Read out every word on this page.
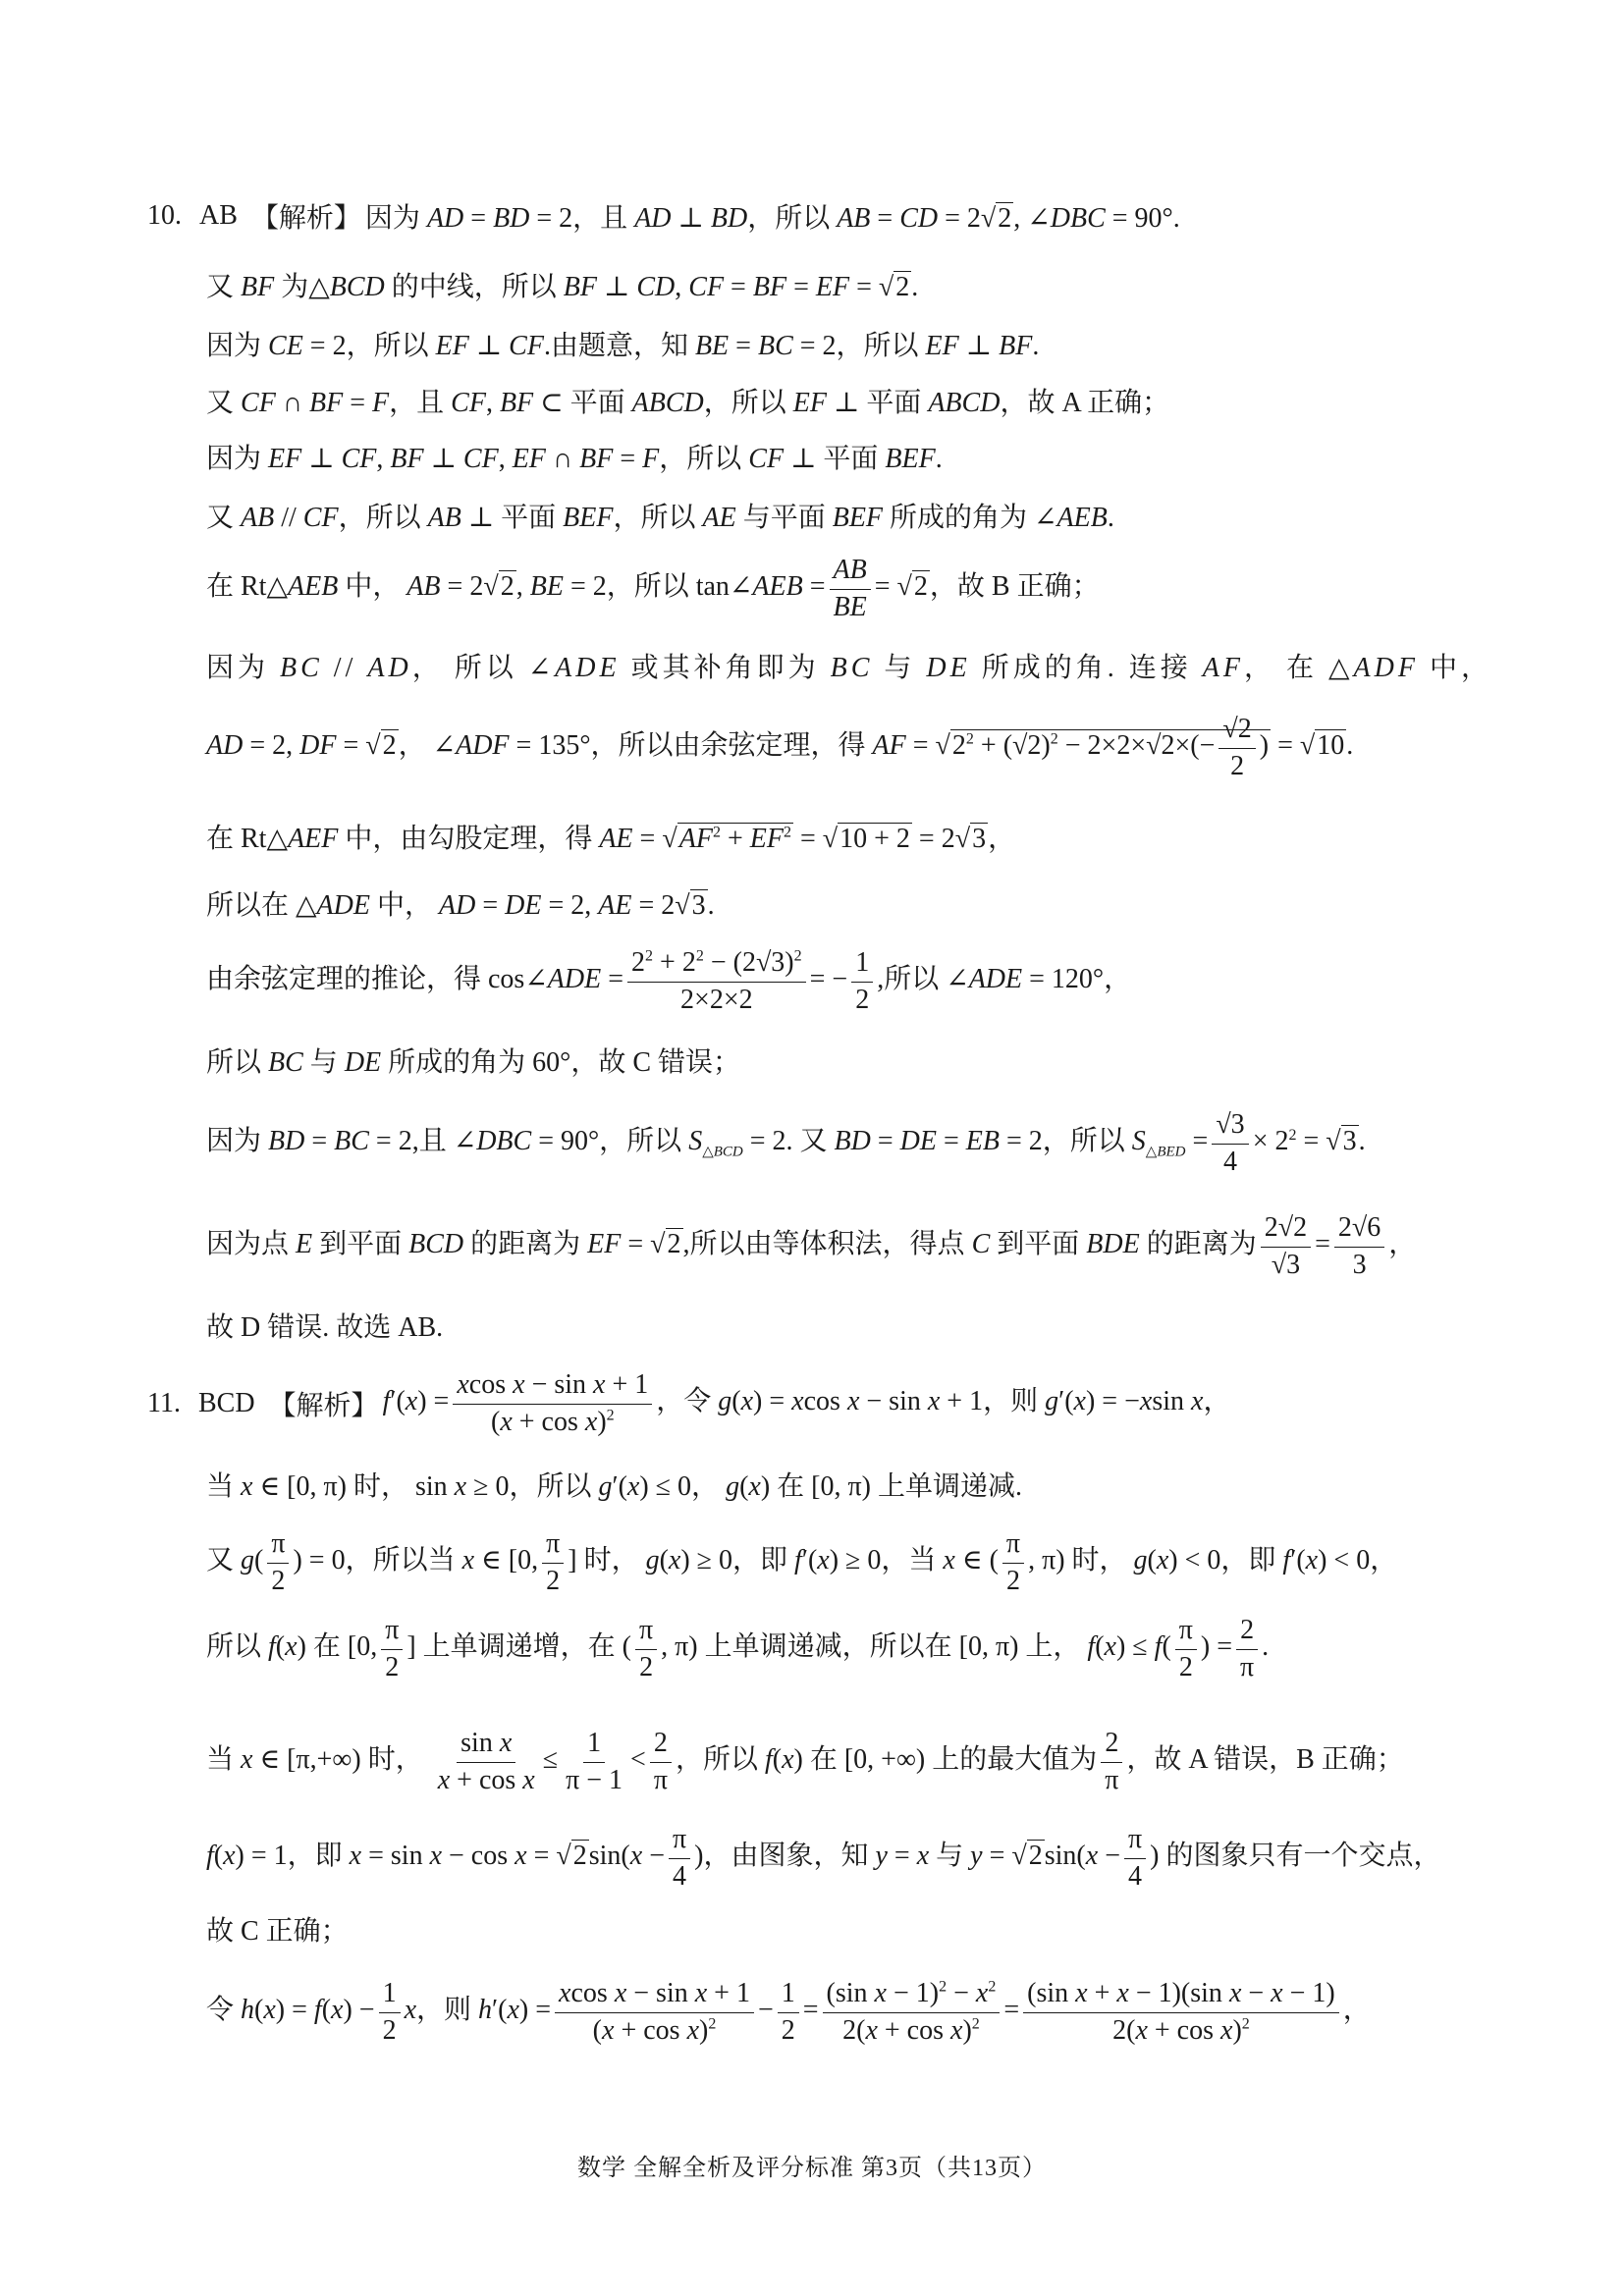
10. AB 【解析】 因为 AD = BD = 2，且 AD ⊥ BD，所以 AB = CD = 2√2, ∠DBC = 90°.
又 BF 为△BCD 的中线，所以 BF ⊥ CD, CF = BF = EF = √2.
因为 CE = 2，所以 EF ⊥ CF.由题意，知 BE = BC = 2，所以 EF ⊥ BF.
又 CF ∩ BF = F，且 CF, BF ⊂ 平面 ABCD，所以 EF ⊥ 平面 ABCD，故 A 正确；
因为 EF ⊥ CF, BF ⊥ CF, EF ∩ BF = F，所以 CF ⊥ 平面 BEF.
又 AB // CF，所以 AB ⊥ 平面 BEF，所以 AE 与平面 BEF 所成的角为 ∠AEB.
在 Rt△AEB 中， AB = 2√2, BE = 2，所以 tan∠AEB = $\frac{AB}{BE} = √2$，故 B 正确；
因为 BC // AD， 所以 ∠ADE 或其补角即为 BC 与 DE 所成的角. 连接 AF， 在 △ADF 中，
AD = 2, DF = √2， ∠ADF = 135°，所以由余弦定理，得 AF = $√2^2 + (√2)^2 - 2\times 2\times√2\times(- \frac{√2}{2}$ ) = √10.
在 Rt△AEF 中，由勾股定理，得 AE = $√AF^2 + EF^2 = √10 + 2 = 2√3$，
所以在 △ADE 中， AD = DE = 2, AE = 2√3.
由余弦定理的推论，得 cos∠ADE = $\frac{2^2 + 2^2 - (2√3)^2}{2\times 2\times 2}$ = − $\frac{1}{2}$ ,所以 ∠ADE = 120°，
所以 BC 与 DE 所成的角为 60°，故 C 错误；
因为 BD = BC = 2,且 ∠DBC = 90°，所以 $S_{\triangle BCD} = 2$. 又 BD = DE = EB = 2，所以 $S_{\triangle BED} = \frac{√3}{4} \times 2^2 = √3$.
因为点 E 到平面 BCD 的距离为 EF = √2,所以由等体积法，得点 C 到平面 BDE 的距离为 $\frac{2√2}{√3} = \frac{2√6}{3}$ ，
故 D 错误. 故选 AB.
11. BCD 【解析】 $f'(x) = \frac{\text{xcos x − sin x + 1}}{(x + \cos x)^2}$ ，令 g(x) = xcos x − sin x + 1，则 g′(x) = −xsin x，
当 x ∈ [0, π) 时， sin x ≥ 0，所以 g′(x) ≤ 0， g(x) 在 [0, π) 上单调递减.
又 $g( \frac{\pi}{2}$ ) = 0，所以当 x ∈ [0, $\frac{\pi}{2}$ ] 时， g(x) ≥ 0，即 f′(x) ≥ 0，当 x ∈ ( $\frac{\pi}{2}$ , π) 时， g(x) < 0，即 f′(x) < 0，
所以 f(x) 在 [0, $\frac{\pi}{2}$ ] 上单调递增，在 ( $\frac{\pi}{2}$ , π) 上单调递减，所以在 [0, π) 上， $f(x) \le f( \frac{\pi}{2}$ ) = $\frac{2}{\pi}$ .
当 x ∈ [π,+∞) 时， $\frac{\text{sin x}}{\text{x + cos x}} \le \frac{1}{\pi - 1} < \frac{2}{\pi}$ ，所以 f(x) 在 [0, +∞) 上的最大值为 $\frac{2}{\pi}$ ，故 A 错误，B 正确；
f(x) = 1，即 $x = \sin x - \cos x = √2\sin(x - \frac{\pi}{4}$ )，由图象，知 y = x 与 $y = √2\sin(x - \frac{\pi}{4}$ ) 的图象只有一个交点，
故 C 正确；
令 $h(x) = f(x) - \frac{1}{2}$ x，则 $h'(x) = \frac{\text{xcos x − sin x + 1}}{(x + \cos x)^2} - \frac{1}{2} = \frac{(\sin x - 1)^2 - x^2}{2(x + \cos x)^2} = \frac{\text{(sin x + x − 1)(sin x − x − 1)}}{2(x + \cos x)^2}$ ，
数学 全解全析及评分标准 第3页（共13页）
